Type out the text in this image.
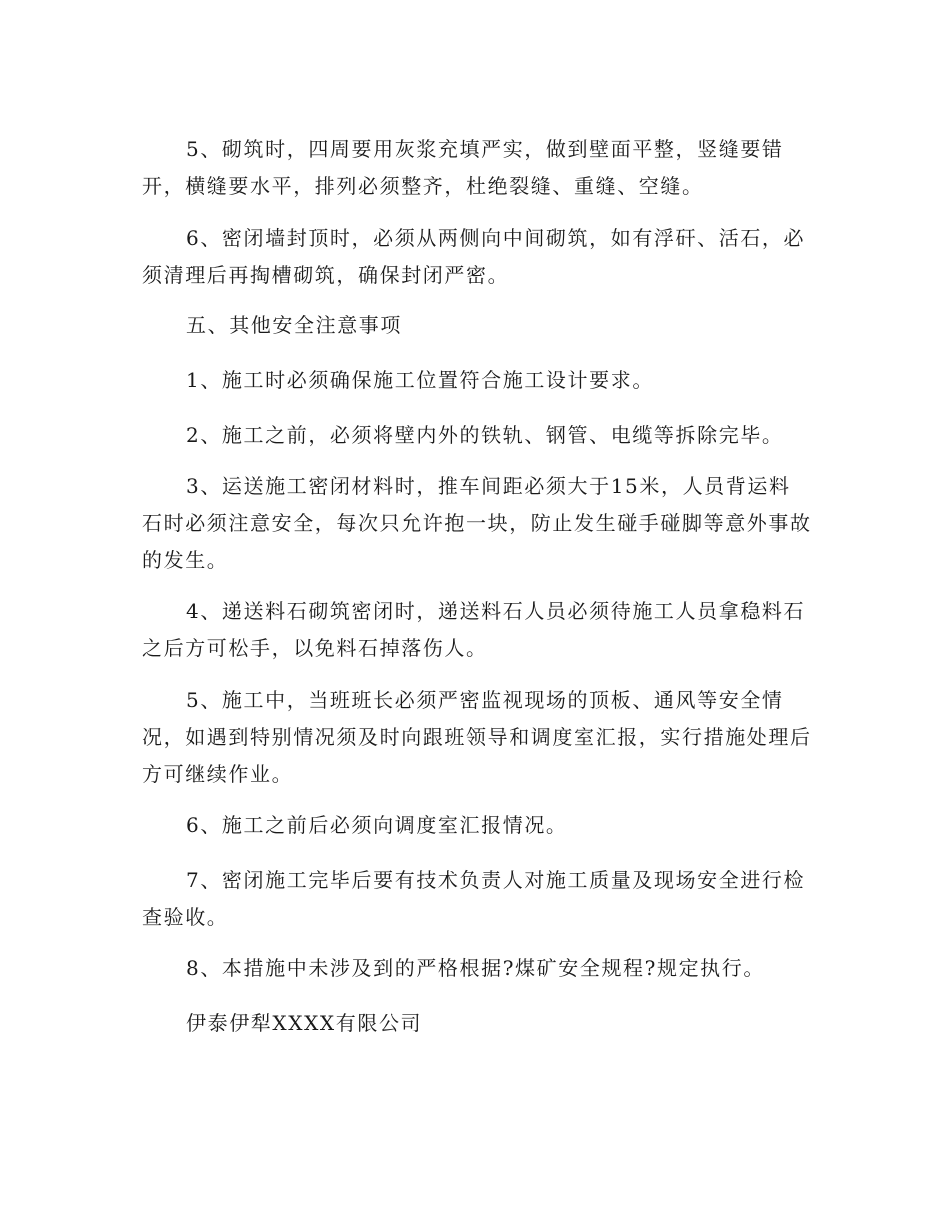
5、砌筑时，四周要用灰浆充填严实，做到壁面平整，竖缝要错开，横缝要水平，排列必须整齐，杜绝裂缝、重缝、空缝。

6、密闭墙封顶时，必须从两侧向中间砌筑，如有浮矸、活石，必须清理后再掏槽砌筑，确保封闭严密。

五、其他安全注意事项

1、施工时必须确保施工位置符合施工设计要求。

2、施工之前，必须将壁内外的铁轨、钢管、电缆等拆除完毕。

3、运送施工密闭材料时，推车间距必须大于15米，人员背运料石时必须注意安全，每次只允许抱一块，防止发生碰手碰脚等意外事故的发生。

4、递送料石砌筑密闭时，递送料石人员必须待施工人员拿稳料石之后方可松手，以免料石掉落伤人。

5、施工中，当班班长必须严密监视现场的顶板、通风等安全情况，如遇到特别情况须及时向跟班领导和调度室汇报，实行措施处理后方可继续作业。

6、施工之前后必须向调度室汇报情况。

7、密闭施工完毕后要有技术负责人对施工质量及现场安全进行检查验收。

8、本措施中未涉及到的严格根据?煤矿安全规程?规定执行。

伊泰伊犁XXXX有限公司
